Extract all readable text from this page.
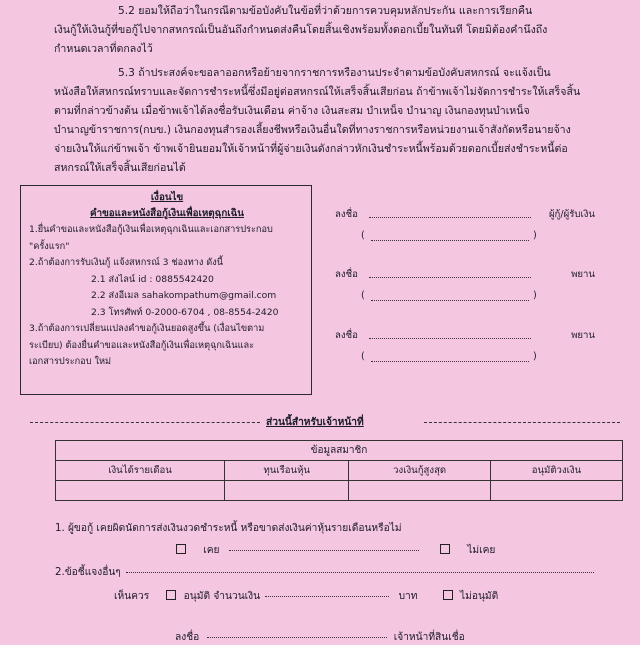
5.2 ยอมให้ถือว่าในกรณีตามข้อบังคับในข้อที่ว่าด้วยการควบคุมหลักประกัน และการเรียกคืน
เงินกู้ให้เงินกู้ที่ขอกู้ไปจากสหกรณ์เป็นอันถึงกำหนดส่งคืนโดยสิ้นเชิงพร้อมทั้งดอกเบี้ยในทันที โดยมิต้องคำนึงถึง
กำหนดเวลาที่ตกลงไว้
5.3 ถ้าประสงค์จะขอลาออกหรือย้ายจากราชการหรืองานประจำตามข้อบังคับสหกรณ์ จะแจ้งเป็น
หนังสือให้สหกรณ์ทราบและจัดการชำระหนี้ซึ่งมีอยู่ต่อสหกรณ์ให้เสร็จสิ้นเสียก่อน ถ้าข้าพเจ้าไม่จัดการชำระให้เสร็จสิ้น
ตามที่กล่าวข้างต้น เมื่อข้าพเจ้าได้ลงชื่อรับเงินเดือน ค่าจ้าง เงินสะสม บำเหน็จ บำนาญ เงินกองทุนบำเหน็จ
บำนาญข้าราชการ(กบข.) เงินกองทุนสำรองเลี้ยงชีพหรือเงินอื่นใดที่ทางราชการหรือหน่วยงานเจ้าสังกัดหรือนายจ้าง
จ่ายเงินให้แก่ข้าพเจ้า ข้าพเจ้ายินยอมให้เจ้าหน้าที่ผู้จ่ายเงินดังกล่าวหักเงินชำระหนี้พร้อมด้วยดอกเบี้ยส่งชำระหนี้ต่อ
สหกรณ์ให้เสร็จสิ้นเสียก่อนได้
เงื่อนไข
คำขอและหนังสือกู้เงินเพื่อเหตุฉุกเฉิน
1.ยื่นคำขอและหนังสือกู้เงินเพื่อเหตุฉุกเฉินและเอกสารประกอบ
"ครั้งแรก"
2.ถ้าต้องการรับเงินกู้ แจ้งสหกรณ์ 3 ช่องทาง ดังนี้
2.1 ส่งไลน์ id : 0885542420
2.2 ส่งอีเมล sahakompathum@gmail.com
2.3 โทรศัพท์ 0-2000-6704 , 08-8554-2420
3.ถ้าต้องการเปลี่ยนแปลงคำขอกู้เงินยอดสูงขึ้น (เงื่อนไขตาม
ระเบียบ) ต้องยื่นคำขอและหนังสือกู้เงินเพื่อเหตุฉุกเฉินและ
เอกสารประกอบ ใหม่
ลงชื่อ	ผู้กู้/ผู้รับเงิน
(	)
ลงชื่อ	พยาน
(	)
ลงชื่อ	พยาน
(	)
ส่วนนี้สำหรับเจ้าหน้าที่
ข้อมูลสมาชิก			
เงินได้รายเดือน	ทุนเรือนหุ้น	วงเงินกู้สูงสุด	อนุมัติวงเงิน

1. ผู้ขอกู้ เคยผิดนัดการส่งเงินงวดชำระหนี้ หรือขาดส่งเงินค่าหุ้นรายเดือนหรือไม่
เคย	ไม่เคย
2.ข้อชี้แจงอื่นๆ
เห็นควร	อนุมัติ จำนวนเงิน	บาท	ไม่อนุมัติ
ลงชื่อ	เจ้าหน้าที่สินเชื่อ
